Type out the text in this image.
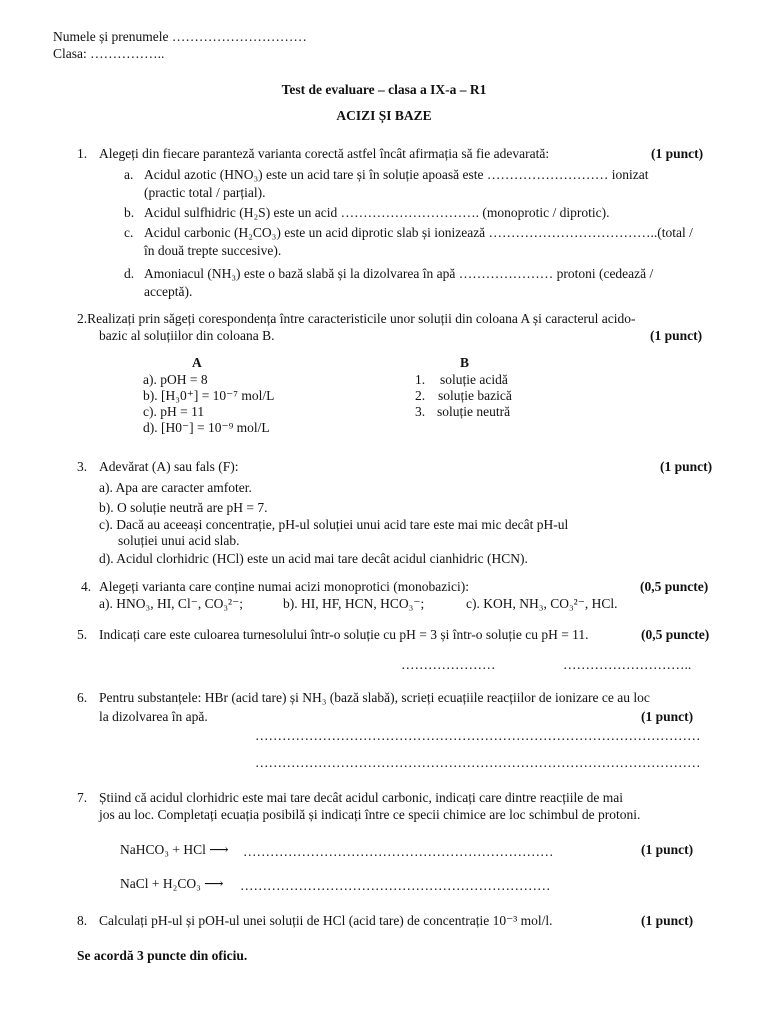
Numele și prenumele …………………………
Clasa: ……………..
Test de evaluare – clasa a IX-a – R1
ACIZI ȘI BAZE
1. Alegeți din fiecare paranteză varianta corectă astfel încât afirmația să fie adevarată:	(1 punct)
a. Acidul azotic (HNO₃) este un acid tare și în soluție apoasă este ……………………… ionizat
(practic total / parțial).
b. Acidul sulfhidric (H₂S) este un acid …………………………. (monoprotic / diprotic).
c. Acidul carbonic (H₂CO₃) este un acid diprotic slab și ionizează ………………………………..(total /
în două trepte succesive).
d. Amoniacul (NH₃) este o bază slabă și la dizolvarea în apă ………………… protoni (cedează /
acceptă).
2.Realizați prin săgeți corespondența între caracteristicile unor soluții din coloana A și caracterul acido-
bazic al soluțiilor din coloana B.	(1 punct)
A	B
a). pOH = 8
b). [H₃0⁺] = 10⁻⁷ mol/L
c). pH = 11
d). [H0⁻] = 10⁻⁹ mol/L
1. soluție acidă
2. soluție bazică
3. soluție neutră
3. Adevărat (A) sau fals (F):	(1 punct)
a). Apa are caracter amfoter.
b). O soluție neutră are pH = 7.
c). Dacă au aceeași concentrație, pH-ul soluției unui acid tare este mai mic decât pH-ul
soluției unui acid slab.
d). Acidul clorhidric (HCl) este un acid mai tare decât acidul cianhidric (HCN).
4. Alegeți varianta care conține numai acizi monoprotici (monobazici):	(0,5 puncte)
a). HNO₃, HI, Cl⁻, CO₃²⁻;	b). HI, HF, HCN, HCO₃⁻;	c). KOH, NH₃, CO₃²⁻, HCl.
5. Indicați care este culoarea turnesolului într-o soluție cu pH = 3 și într-o soluție cu pH = 11.	(0,5 puncte)
…………………	………………………..
6. Pentru substanțele: HBr (acid tare) și NH₃ (bază slabă), scrieți ecuațiile reacțiilor de ionizare ce au loc
la dizolvarea în apă.	(1 punct)
………………………………………………………………………………………
………………………………………………………………………………………
7. Știind că acidul clorhidric este mai tare decât acidul carbonic, indicați care dintre reacțiile de mai
jos au loc. Completați ecuația posibilă și indicați între ce specii chimice are loc schimbul de protoni.
NaHCO₃ + HCl ⟶ ……………………………………………………………	(1 punct)
NaCl + H₂CO₃ ⟶ ……………………………………………………………
8. Calculați pH-ul și pOH-ul unei soluții de HCl (acid tare) de concentrație 10⁻³ mol/l.	(1 punct)
Se acordă 3 puncte din oficiu.
